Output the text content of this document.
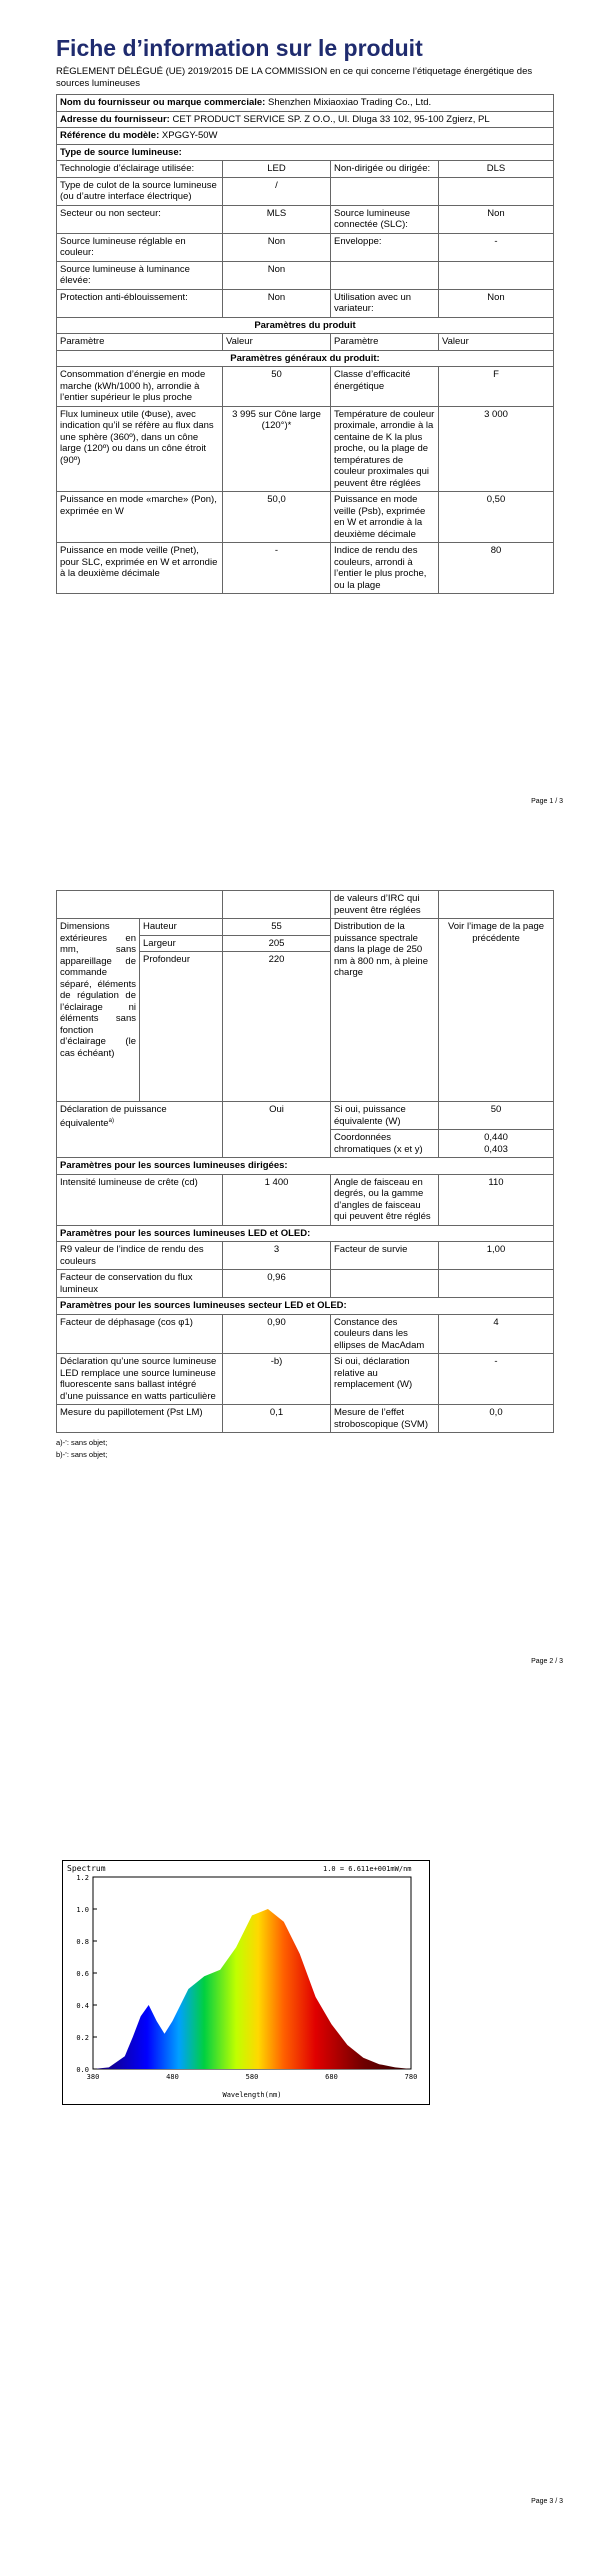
Fiche d’information sur le produit
RÈGLEMENT DÉLÉGUÉ (UE) 2019/2015 DE LA COMMISSION en ce qui concerne l’étiquetage énergétique des sources lumineuses
Nom du fournisseur ou marque commerciale: Shenzhen Mixiaoxiao Trading Co., Ltd.			
Adresse du fournisseur: CET PRODUCT SERVICE SP. Z O.O., Ul. Dluga 33 102, 95-100 Zgierz, PL			
Référence du modèle: XPGGY-50W			
Type de source lumineuse:			
Technologie d’éclairage utilisée:	LED	Non-dirigée ou dirigée:	DLS
Type de culot de la source lumineuse (ou d’autre interface électrique)	/		
Secteur ou non secteur:	MLS	Source lumineuse connectée (SLC):	Non
Source lumineuse réglable en couleur:	Non	Enveloppe:	-
Source lumineuse à luminance élevée:	Non		
Protection anti-éblouissement:	Non	Utilisation avec un variateur:	Non
Paramètres du produit			
Paramètre	Valeur	Paramètre	Valeur
Paramètres généraux du produit:			
Consommation d’énergie en mode marche (kWh/1000 h), arrondie à l’entier supérieur le plus proche	50	Classe d’efficacité énergétique	F
Flux lumineux utile (Φuse), avec indication qu’il se réfère au flux dans une sphère (360º), dans un cône large (120º) ou dans un cône étroit (90º)	3 995 sur Cône large (120°)*	Température de couleur proximale, arrondie à la centaine de K la plus proche, ou la plage de températures de couleur proximales qui peuvent être réglées	3 000
Puissance en mode «marche» (Pon), exprimée en W	50,0	Puissance en mode veille (Psb), exprimée en W et arrondie à la deuxième décimale	0,50
Puissance en mode veille (Pnet), pour SLC, exprimée en W et arrondie à la deuxième décimale	-	Indice de rendu des couleurs, arrondi à l’entier le plus proche, ou la plage	80
Page 1 / 3
			de valeurs d’IRC qui peuvent être réglées	
Dimensions extérieures en mm, sans appareillage de commande séparé, éléments de régulation de l’éclairage ni éléments sans fonction d’éclairage (le cas échéant)	Hauteur	55	Distribution de la puissance spectrale dans la plage de 250 nm à 800 nm, à pleine charge	Voir l’image de la page précédente
	Largeur	205		
	Profondeur	220		
Déclaration de puissance équivalente$^{a)}$		Oui	Si oui, puissance équivalente (W)	50
			Coordonnées chromatiques (x et y)	0,440
0,403

Paramètres pour les sources lumineuses dirigées:				
Intensité lumineuse de crête (cd)		1 400	Angle de faisceau en degrés, ou la gamme d’angles de faisceau qui peuvent être réglés	110
Paramètres pour les sources lumineuses LED et OLED:				
R9 valeur de l’indice de rendu des couleurs		3	Facteur de survie	1,00
Facteur de conservation du flux lumineux		0,96		
Paramètres pour les sources lumineuses secteur LED et OLED:				
Facteur de déphasage (cos φ1)		0,90	Constance des couleurs dans les ellipses de MacAdam	4
Déclaration qu’une source lumineuse LED remplace une source lumineuse fluorescente sans ballast intégré d’une puissance en watts particulière		-b)	Si oui, déclaration relative au remplacement (W)	-
Mesure du papillotement (Pst LM)		0,1	Mesure de l’effet stroboscopique (SVM)	0,0
a)-’: sans objet;
b)-’: sans objet;
Page 2 / 3
Spectrum	1.0 = 6.611e+001mW/nm
0.0
0.2
0.4
0.6
0.8
1.0
1.2
380	480	580	680	780
Wavelength(nm)
Page 3 / 3
